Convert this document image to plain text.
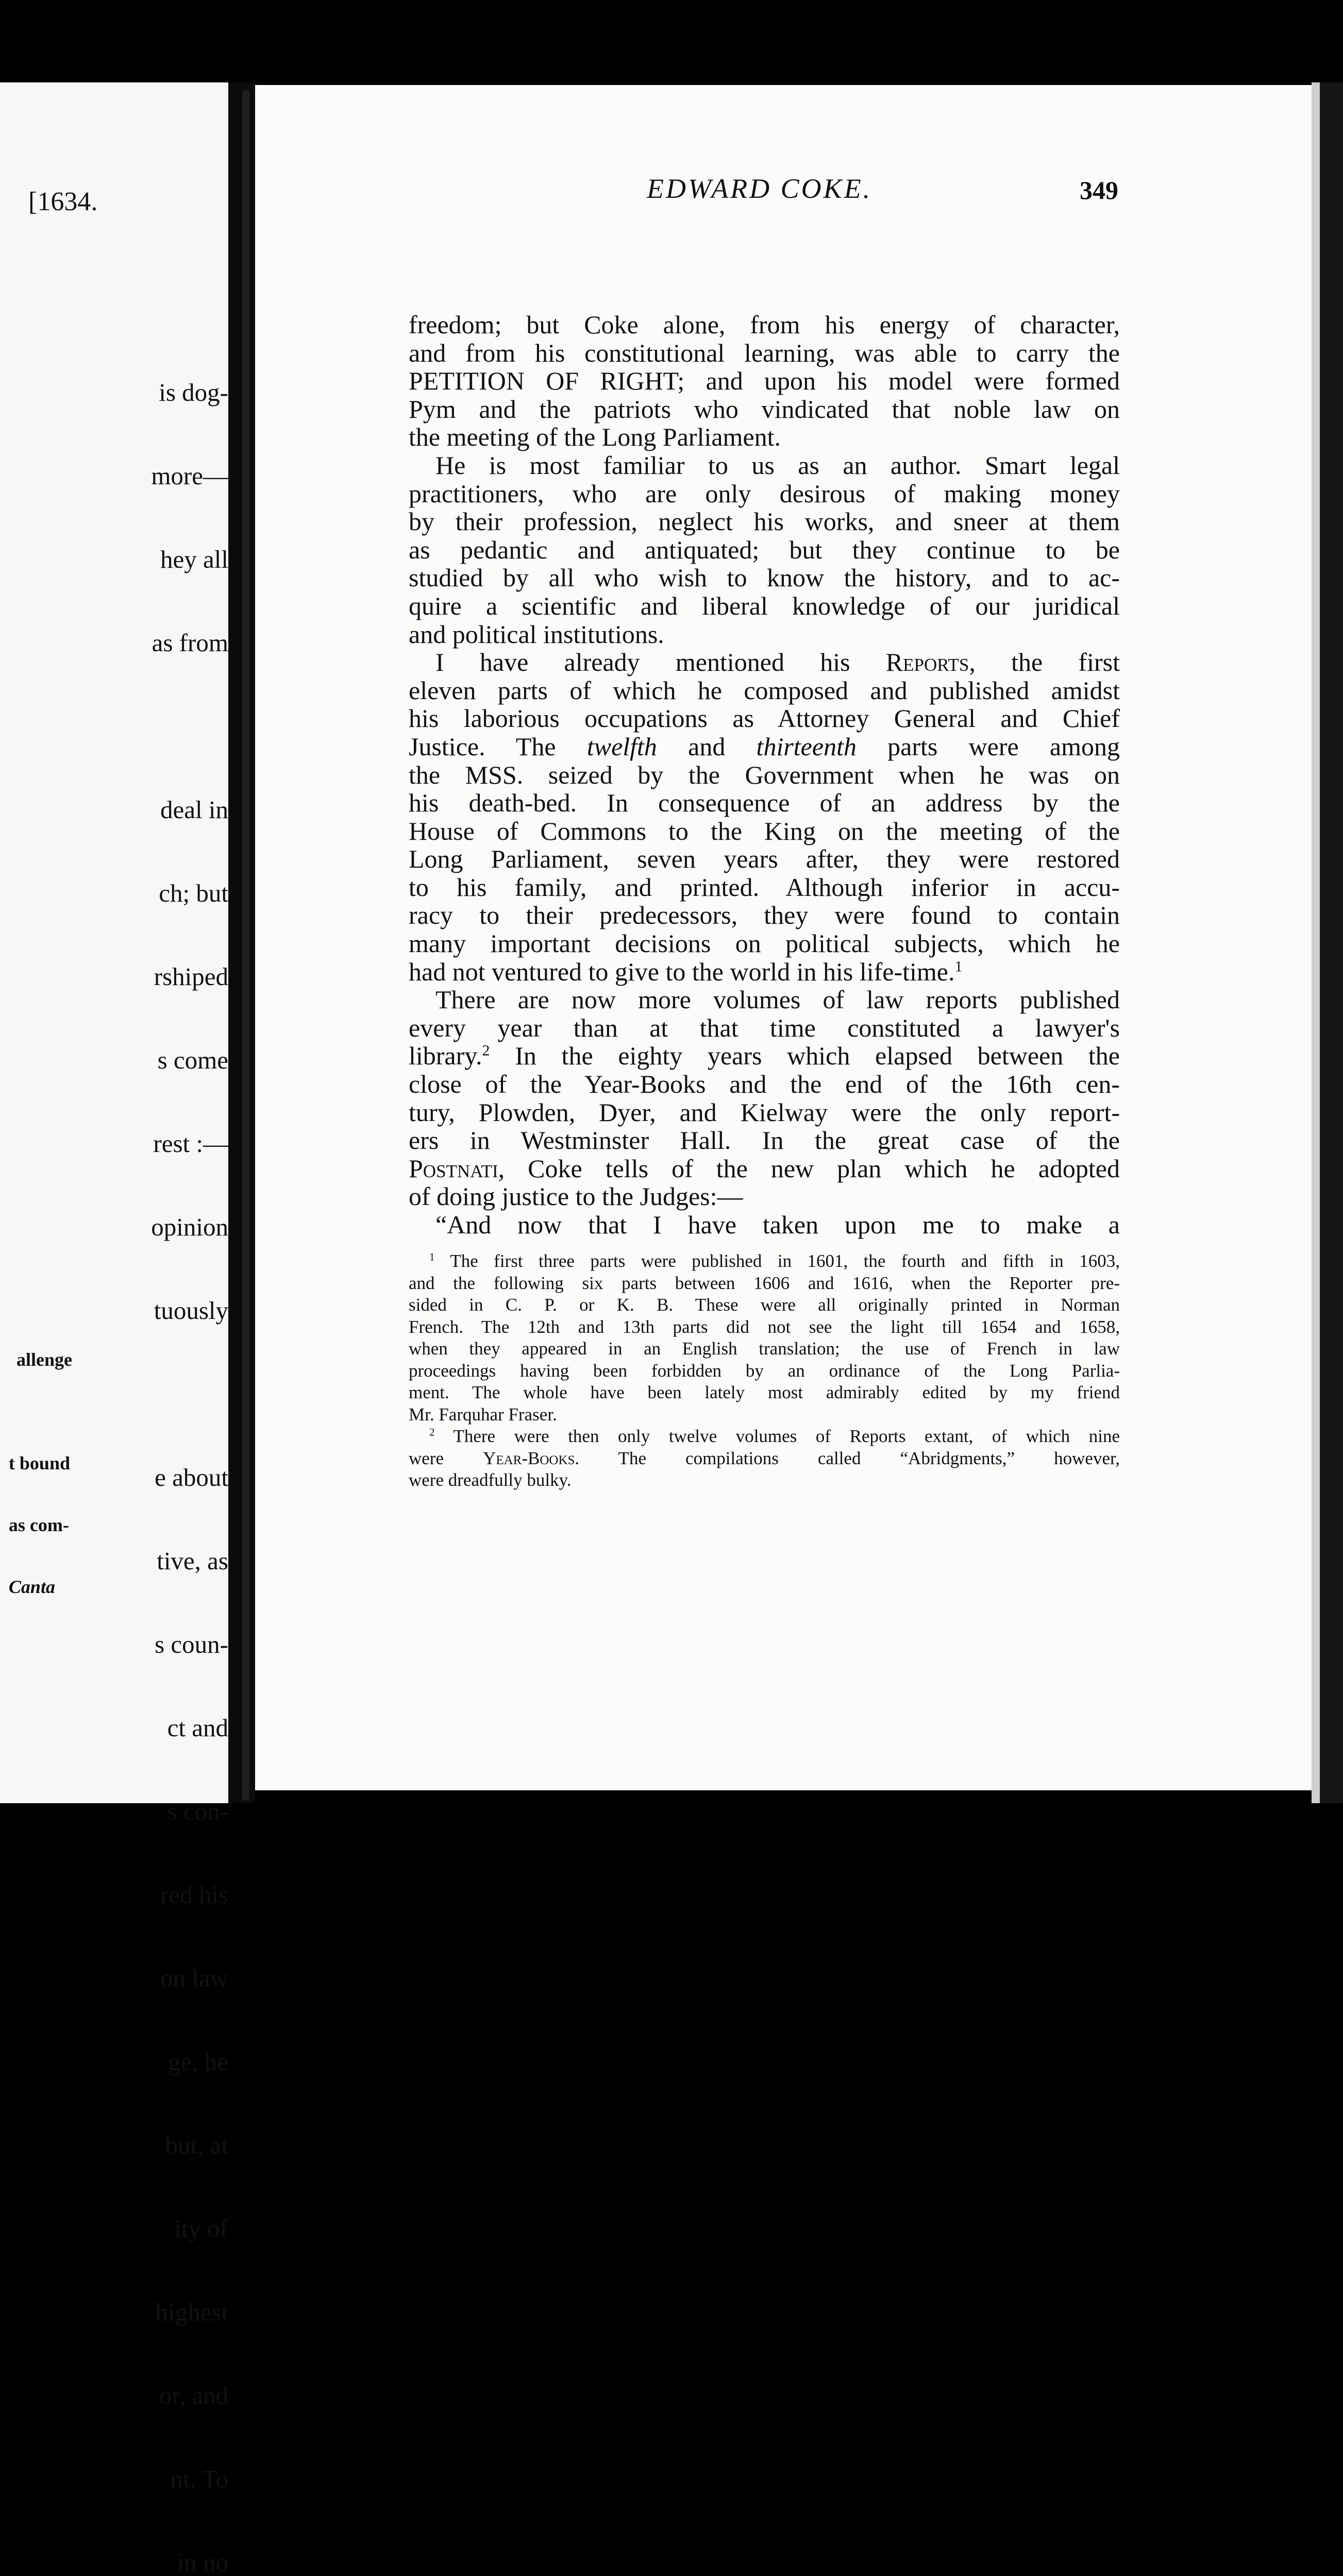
[1634.

is dog-

more—

hey all

as from

deal in

ch; but

rshiped

s come

rest :—

opinion

tuously

e about

tive, as

s coun-

ct and

s con-

red his

on law

ge, he

but, at

ity of

highest

or, and

nt. To

in no

allenge

t bound

as com-

Canta

EDWARD COKE.	349
freedom; but Coke alone, from his energy of character,
and from his constitutional learning, was able to carry the
PETITION OF RIGHT; and upon his model were formed
Pym and the patriots who vindicated that noble law on
the meeting of the Long Parliament.
He is most familiar to us as an author. Smart legal
practitioners, who are only desirous of making money
by their profession, neglect his works, and sneer at them
as pedantic and antiquated; but they continue to be
studied by all who wish to know the history, and to ac-
quire a scientific and liberal knowledge of our juridical
and political institutions.
I have already mentioned his Reports, the first
eleven parts of which he composed and published amidst
his laborious occupations as Attorney General and Chief
Justice. The twelfth and thirteenth parts were among
the MSS. seized by the Government when he was on
his death-bed. In consequence of an address by the
House of Commons to the King on the meeting of the
Long Parliament, seven years after, they were restored
to his family, and printed. Although inferior in accu-
racy to their predecessors, they were found to contain
many important decisions on political subjects, which he
had not ventured to give to the world in his life-time.$^1$
There are now more volumes of law reports published
every year than at that time constituted a lawyer's
library.$^2$ In the eighty years which elapsed between the
close of the Year-Books and the end of the 16th cen-
tury, Plowden, Dyer, and Kielway were the only report-
ers in Westminster Hall. In the great case of the
Postnati, Coke tells of the new plan which he adopted
of doing justice to the Judges:—
“And now that I have taken upon me to make a
$^1$ The first three parts were published in 1601, the fourth and fifth in 1603,
and the following six parts between 1606 and 1616, when the Reporter pre-
sided in C. P. or K. B. These were all originally printed in Norman
French. The 12th and 13th parts did not see the light till 1654 and 1658,
when they appeared in an English translation; the use of French in law
proceedings having been forbidden by an ordinance of the Long Parlia-
ment. The whole have been lately most admirably edited by my friend
Mr. Farquhar Fraser.
$^2$ There were then only twelve volumes of Reports extant, of which nine
were Year-Books. The compilations called “Abridgments,” however,
were dreadfully bulky.
